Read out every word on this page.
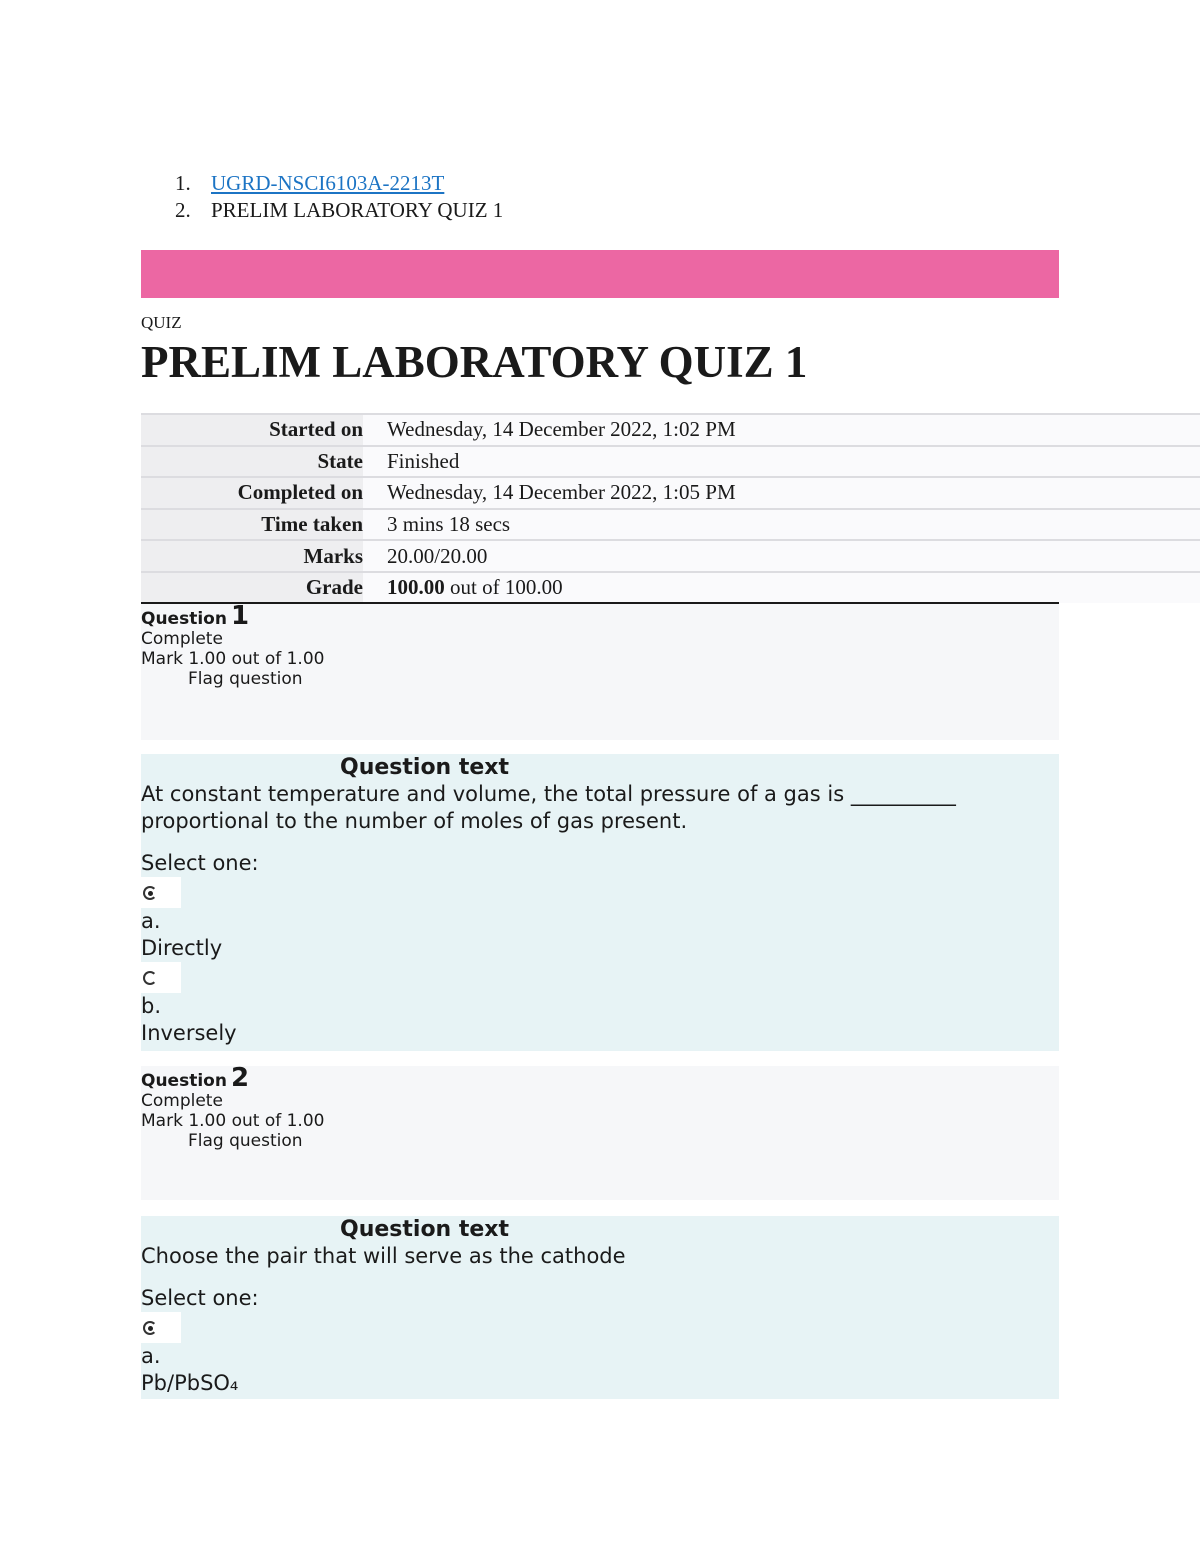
1. UGRD-NSCI6103A-2213T
2. PRELIM LABORATORY QUIZ 1
QUIZ
PRELIM LABORATORY QUIZ 1
Started on	Wednesday, 14 December 2022, 1:02 PM
State	Finished
Completed on	Wednesday, 14 December 2022, 1:05 PM
Time taken	3 mins 18 secs
Marks	20.00/20.00
Grade 100.00 out of 100.00
Question 1
Complete
Mark 1.00 out of 1.00
Flag question
Question text
At constant temperature and volume, the total pressure of a gas is __________ proportional to the number of moles of gas present.
Select one:
a.
Directly
b.
Inversely
Question 2
Complete
Mark 1.00 out of 1.00
Flag question
Question text
Choose the pair that will serve as the cathode
Select one:
a.
Pb/PbSO₄
